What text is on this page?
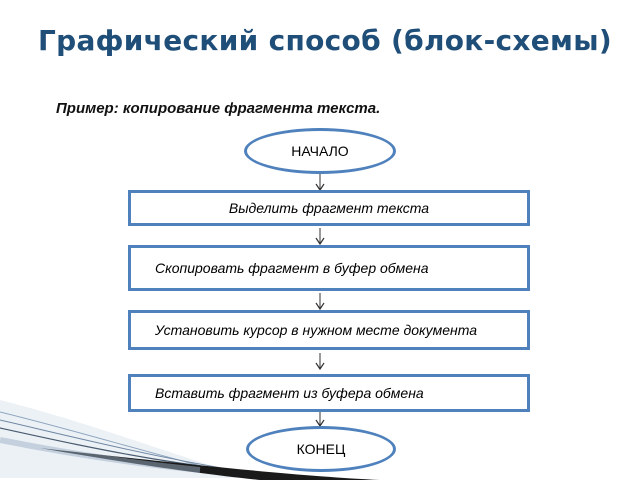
Графический способ (блок-схемы)
Пример: копирование фрагмента текста.
НАЧАЛО
Выделить фрагмент текста
Скопировать фрагмент в буфер обмена
Установить курсор в нужном месте документа
Вставить фрагмент из буфера обмена
КОНЕЦ
